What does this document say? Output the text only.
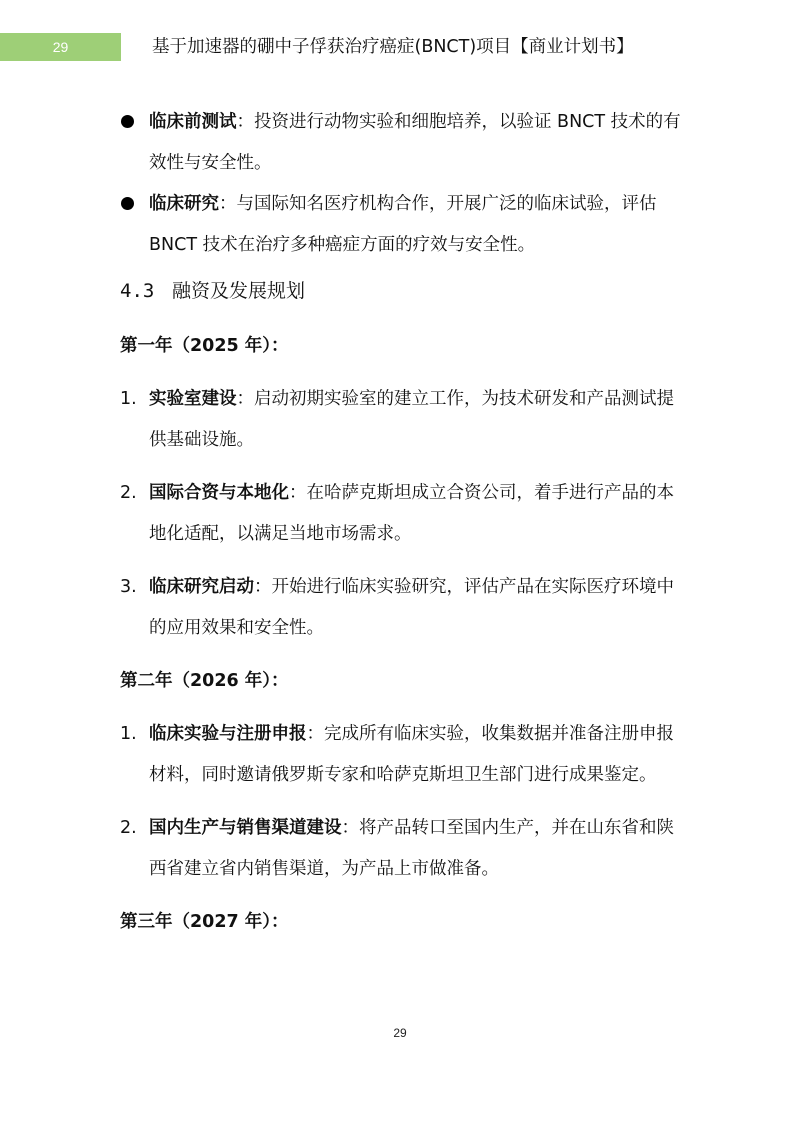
29	基于加速器的硼中子俘获治疗癌症(BNCT)项目【商业计划书】
临床前测试：投资进行动物实验和细胞培养，以验证 BNCT 技术的有效性与安全性。
临床研究：与国际知名医疗机构合作，开展广泛的临床试验，评估 BNCT 技术在治疗多种癌症方面的疗效与安全性。
4.3 融资及发展规划
第一年（2025 年）：
1. 实验室建设：启动初期实验室的建立工作，为技术研发和产品测试提供基础设施。
2. 国际合资与本地化：在哈萨克斯坦成立合资公司，着手进行产品的本地化适配，以满足当地市场需求。
3. 临床研究启动：开始进行临床实验研究，评估产品在实际医疗环境中的应用效果和安全性。
第二年（2026 年）：
1. 临床实验与注册申报：完成所有临床实验，收集数据并准备注册申报材料，同时邀请俄罗斯专家和哈萨克斯坦卫生部门进行成果鉴定。
2. 国内生产与销售渠道建设：将产品转口至国内生产，并在山东省和陕西省建立省内销售渠道，为产品上市做准备。
第三年（2027 年）：
29
